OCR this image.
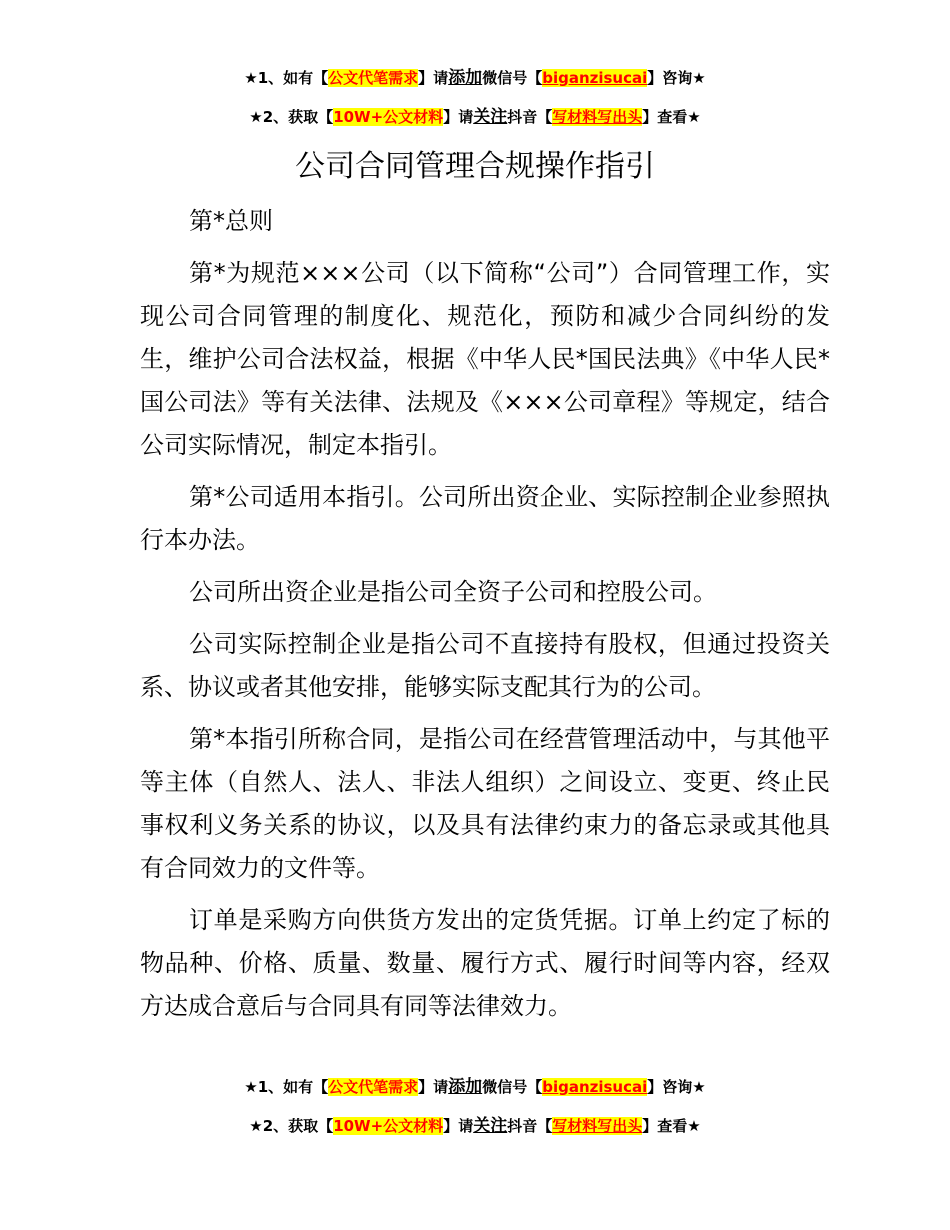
★1、如有【公文代笔需求】请添加微信号【biganzisucai】咨询★
★2、获取【10W+公文材料】请关注抖音【写材料写出头】查看★
公司合同管理合规操作指引

第*总则

第*为规范×××公司（以下简称“公司”）合同管理工作，实现公司合同管理的制度化、规范化，预防和减少合同纠纷的发生，维护公司合法权益，根据《中华人民*国民法典》《中华人民*国公司法》等有关法律、法规及《×××公司章程》等规定，结合公司实际情况，制定本指引。

第*公司适用本指引。公司所出资企业、实际控制企业参照执行本办法。

公司所出资企业是指公司全资子公司和控股公司。

公司实际控制企业是指公司不直接持有股权，但通过投资关系、协议或者其他安排，能够实际支配其行为的公司。

第*本指引所称合同，是指公司在经营管理活动中，与其他平等主体（自然人、法人、非法人组织）之间设立、变更、终止民事权利义务关系的协议，以及具有法律约束力的备忘录或其他具有合同效力的文件等。

订单是采购方向供货方发出的定货凭据。订单上约定了标的物品种、价格、质量、数量、履行方式、履行时间等内容，经双方达成合意后与合同具有同等法律效力。

★1、如有【公文代笔需求】请添加微信号【biganzisucai】咨询★
★2、获取【10W+公文材料】请关注抖音【写材料写出头】查看★
